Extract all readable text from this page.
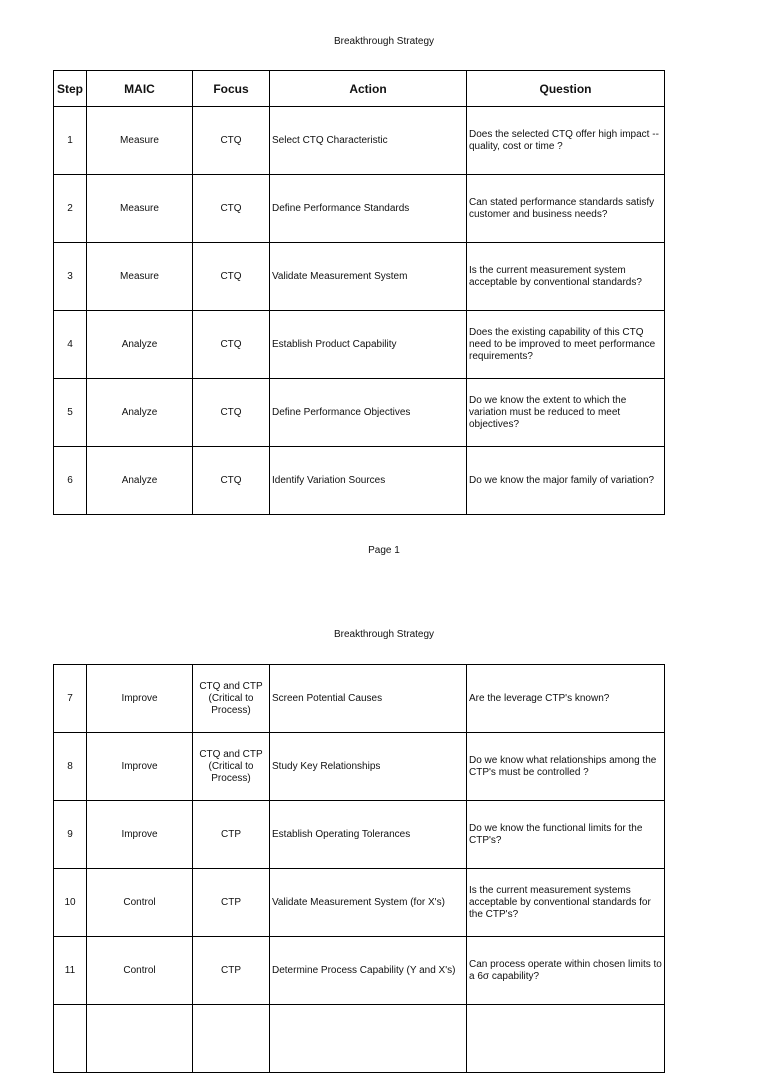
Breakthrough Strategy
Step	MAIC	Focus	Action	Question
1	Measure	CTQ	Select CTQ Characteristic	Does the selected CTQ offer high impact -- quality, cost or time ?
2	Measure	CTQ	Define Performance Standards	Can stated performance standards satisfy customer and business needs?
3	Measure	CTQ	Validate Measurement System	Is the current measurement system acceptable by conventional standards?
4	Analyze	CTQ	Establish Product Capability	Does the existing capability of this CTQ need to be improved to meet performance requirements?
5	Analyze	CTQ	Define Performance Objectives	Do we know the extent to which the variation must be reduced to meet objectives?
6	Analyze	CTQ	Identify Variation Sources	Do we know the major family of variation?
Page 1
Breakthrough Strategy
7	Improve	CTQ and CTP (Critical to Process)	Screen Potential Causes	Are the leverage CTP's known?
8	Improve	CTQ and CTP (Critical to Process)	Study Key Relationships	Do we know what relationships among the CTP's must be controlled ?
9	Improve	CTP	Establish Operating Tolerances	Do we know the functional limits for the CTP's?
10	Control	CTP	Validate Measurement System (for X's)	Is the current measurement systems acceptable by conventional standards for the CTP's?
11	Control	CTP	Determine Process Capability (Y and X's)	Can process operate within chosen limits to a 6σ capability?
